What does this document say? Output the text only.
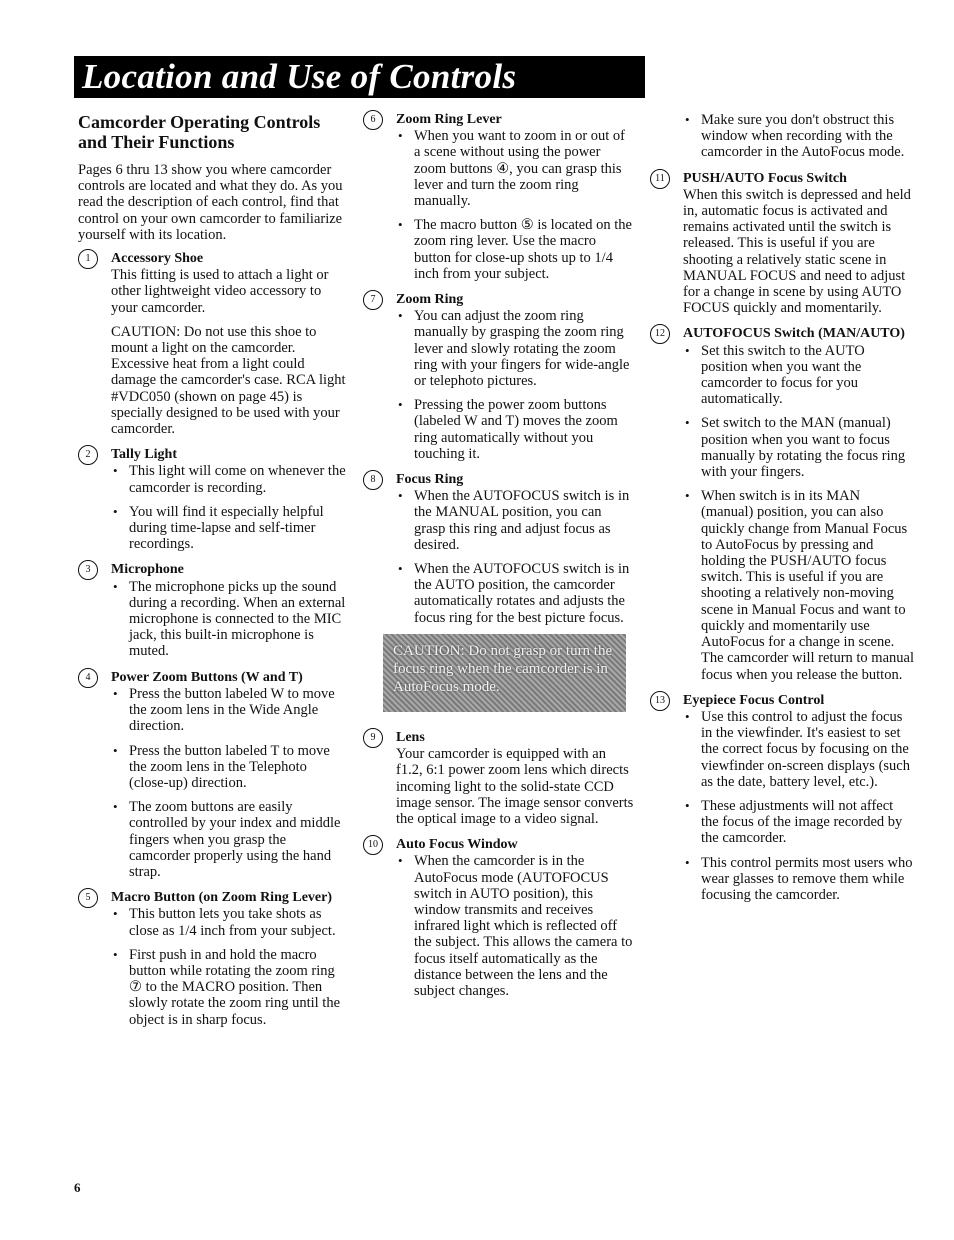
Location and Use of Controls
Camcorder Operating Controls and Their Functions

Pages 6 thru 13 show you where camcorder controls are located and what they do. As you read the description of each control, find that control on your own camcorder to familiarize yourself with its location.

1	Accessory Shoe

This fitting is used to attach a light or other lightweight video accessory to your camcorder.

CAUTION: Do not use this shoe to mount a light on the camcorder. Excessive heat from a light could damage the camcorder's case. RCA light #VDC050 (shown on page 45) is specially designed to be used with your camcorder.

2	Tally Light
• This light will come on whenever the camcorder is recording.
• You will find it especially helpful during time-lapse and self-timer recordings.
3	Microphone
• The microphone picks up the sound during a recording. When an external microphone is connected to the MIC jack, this built-in microphone is muted.
4	Power Zoom Buttons (W and T)
• Press the button labeled W to move the zoom lens in the Wide Angle direction.
• Press the button labeled T to move the zoom lens in the Telephoto (close-up) direction.
• The zoom buttons are easily controlled by your index and middle fingers when you grasp the camcorder properly using the hand strap.
5	Macro Button (on Zoom Ring Lever)
• This button lets you take shots as close as 1/4 inch from your subject.
• First push in and hold the macro button while rotating the zoom ring ⑦ to the MACRO position. Then slowly rotate the zoom ring until the object is in sharp focus.
6	Zoom Ring Lever
• When you want to zoom in or out of a scene without using the power zoom buttons ④, you can grasp this lever and turn the zoom ring manually.
• The macro button ⑤ is located on the zoom ring lever. Use the macro button for close-up shots up to 1/4 inch from your subject.
7	Zoom Ring
• You can adjust the zoom ring manually by grasping the zoom ring lever and slowly rotating the zoom ring with your fingers for wide-angle or telephoto pictures.
• Pressing the power zoom buttons (labeled W and T) moves the zoom ring automatically without you touching it.
8	Focus Ring
• When the AUTOFOCUS switch is in the MANUAL position, you can grasp this ring and adjust focus as desired.
• When the AUTOFOCUS switch is in the AUTO position, the camcorder automatically rotates and adjusts the focus ring for the best picture focus.
CAUTION: Do not grasp or turn the focus ring when the camcorder is in AutoFocus mode.
9	Lens

Your camcorder is equipped with an f1.2, 6:1 power zoom lens which directs incoming light to the solid-state CCD image sensor. The image sensor converts the optical image to a video signal.

10	Auto Focus Window
• When the camcorder is in the AutoFocus mode (AUTOFOCUS switch in AUTO position), this window transmits and receives infrared light which is reflected off the subject. This allows the camera to focus itself automatically as the distance between the lens and the subject changes.
• Make sure you don't obstruct this window when recording with the camcorder in the AutoFocus mode.
11	PUSH/AUTO Focus Switch

When this switch is depressed and held in, automatic focus is activated and remains activated until the switch is released. This is useful if you are shooting a relatively static scene in MANUAL FOCUS and need to adjust for a change in scene by using AUTO FOCUS quickly and momentarily.

12	AUTOFOCUS Switch (MAN/AUTO)
• Set this switch to the AUTO position when you want the camcorder to focus for you automatically.
• Set switch to the MAN (manual) position when you want to focus manually by rotating the focus ring with your fingers.
• When switch is in its MAN (manual) position, you can also quickly change from Manual Focus to AutoFocus by pressing and holding the PUSH/AUTO focus switch. This is useful if you are shooting a relatively non-moving scene in Manual Focus and want to quickly and momentarily use AutoFocus for a change in scene. The camcorder will return to manual focus when you release the button.
13	Eyepiece Focus Control
• Use this control to adjust the focus in the viewfinder. It's easiest to set the correct focus by focusing on the viewfinder on-screen displays (such as the date, battery level, etc.).
• These adjustments will not affect the focus of the image recorded by the camcorder.
• This control permits most users who wear glasses to remove them while focusing the camcorder.
6
